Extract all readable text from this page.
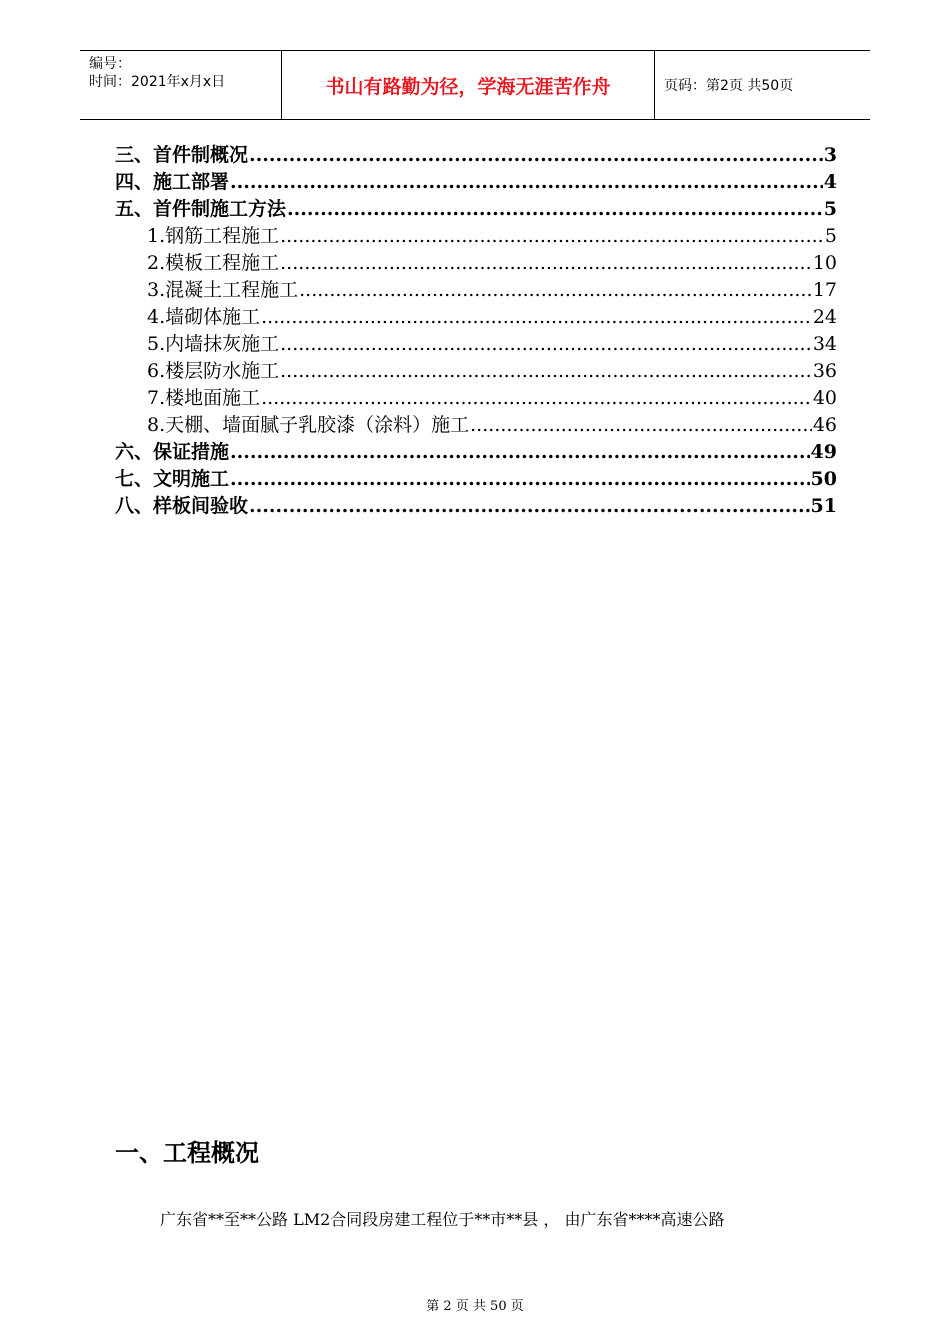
编号：
时间：2021年x月x日	书山有路勤为径，学海无涯苦作舟	页码：第2页 共50页
三、首件制概况 .....	3
四、施工部署 .....	4
五、首件制施工方法 .....	5
1.钢筋工程施工 .....	5
2.模板工程施工 .....	10
3.混凝土工程施工 .....	17
4.墙砌体施工 .....	24
5.内墙抹灰施工 .....	34
6.楼层防水施工 .....	36
7.楼地面施工 .....	40
8.天棚、墙面腻子乳胶漆（涂料）施工 .....	46
六、保证措施 .....	49
七、文明施工 .....	50
八、样板间验收 .....	51
一、工程概况
广东省**至**公路 LM2合同段房建工程位于**市**县 ， 由广东省****高速公路
第 2 页 共 50 页
